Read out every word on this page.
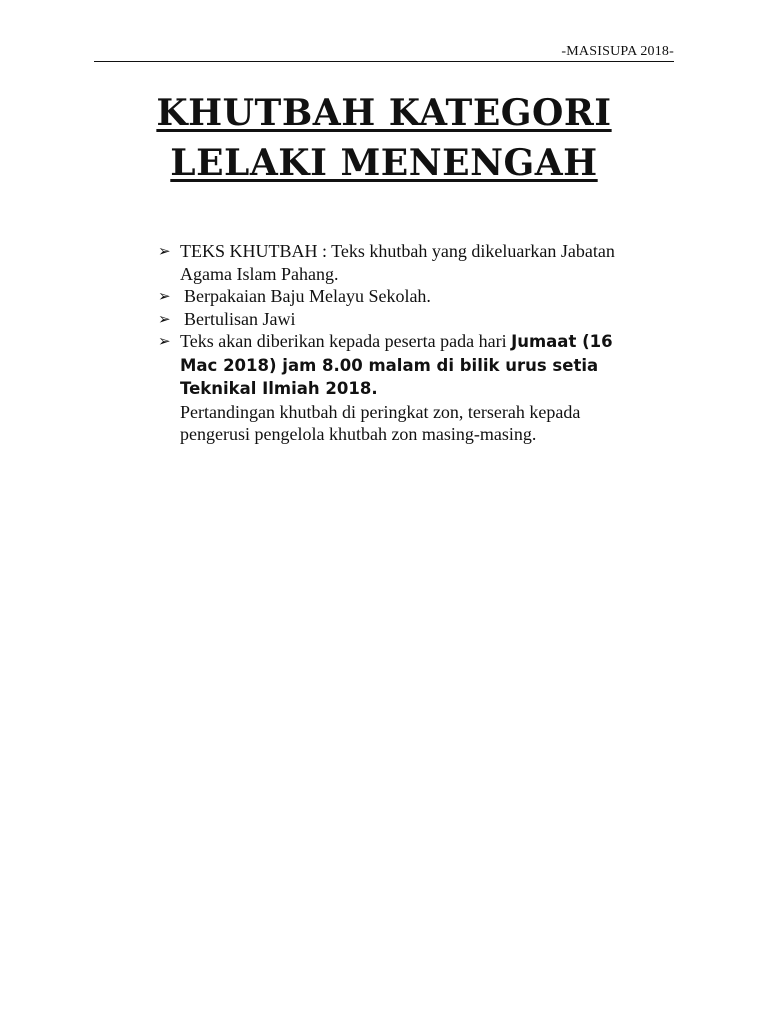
-MASISUPA 2018-
KHUTBAH KATEGORI
LELAKI MENENGAH
➢ TEKS KHUTBAH : Teks khutbah yang dikeluarkan Jabatan Agama Islam Pahang.
➢ Berpakaian Baju Melayu Sekolah.
➢ Bertulisan Jawi
➢ Teks akan diberikan kepada peserta pada hari Jumaat (16 Mac 2018) jam 8.00 malam di bilik urus setia Teknikal Ilmiah 2018.
Pertandingan khutbah di peringkat zon, terserah kepada pengerusi pengelola khutbah zon masing-masing.
